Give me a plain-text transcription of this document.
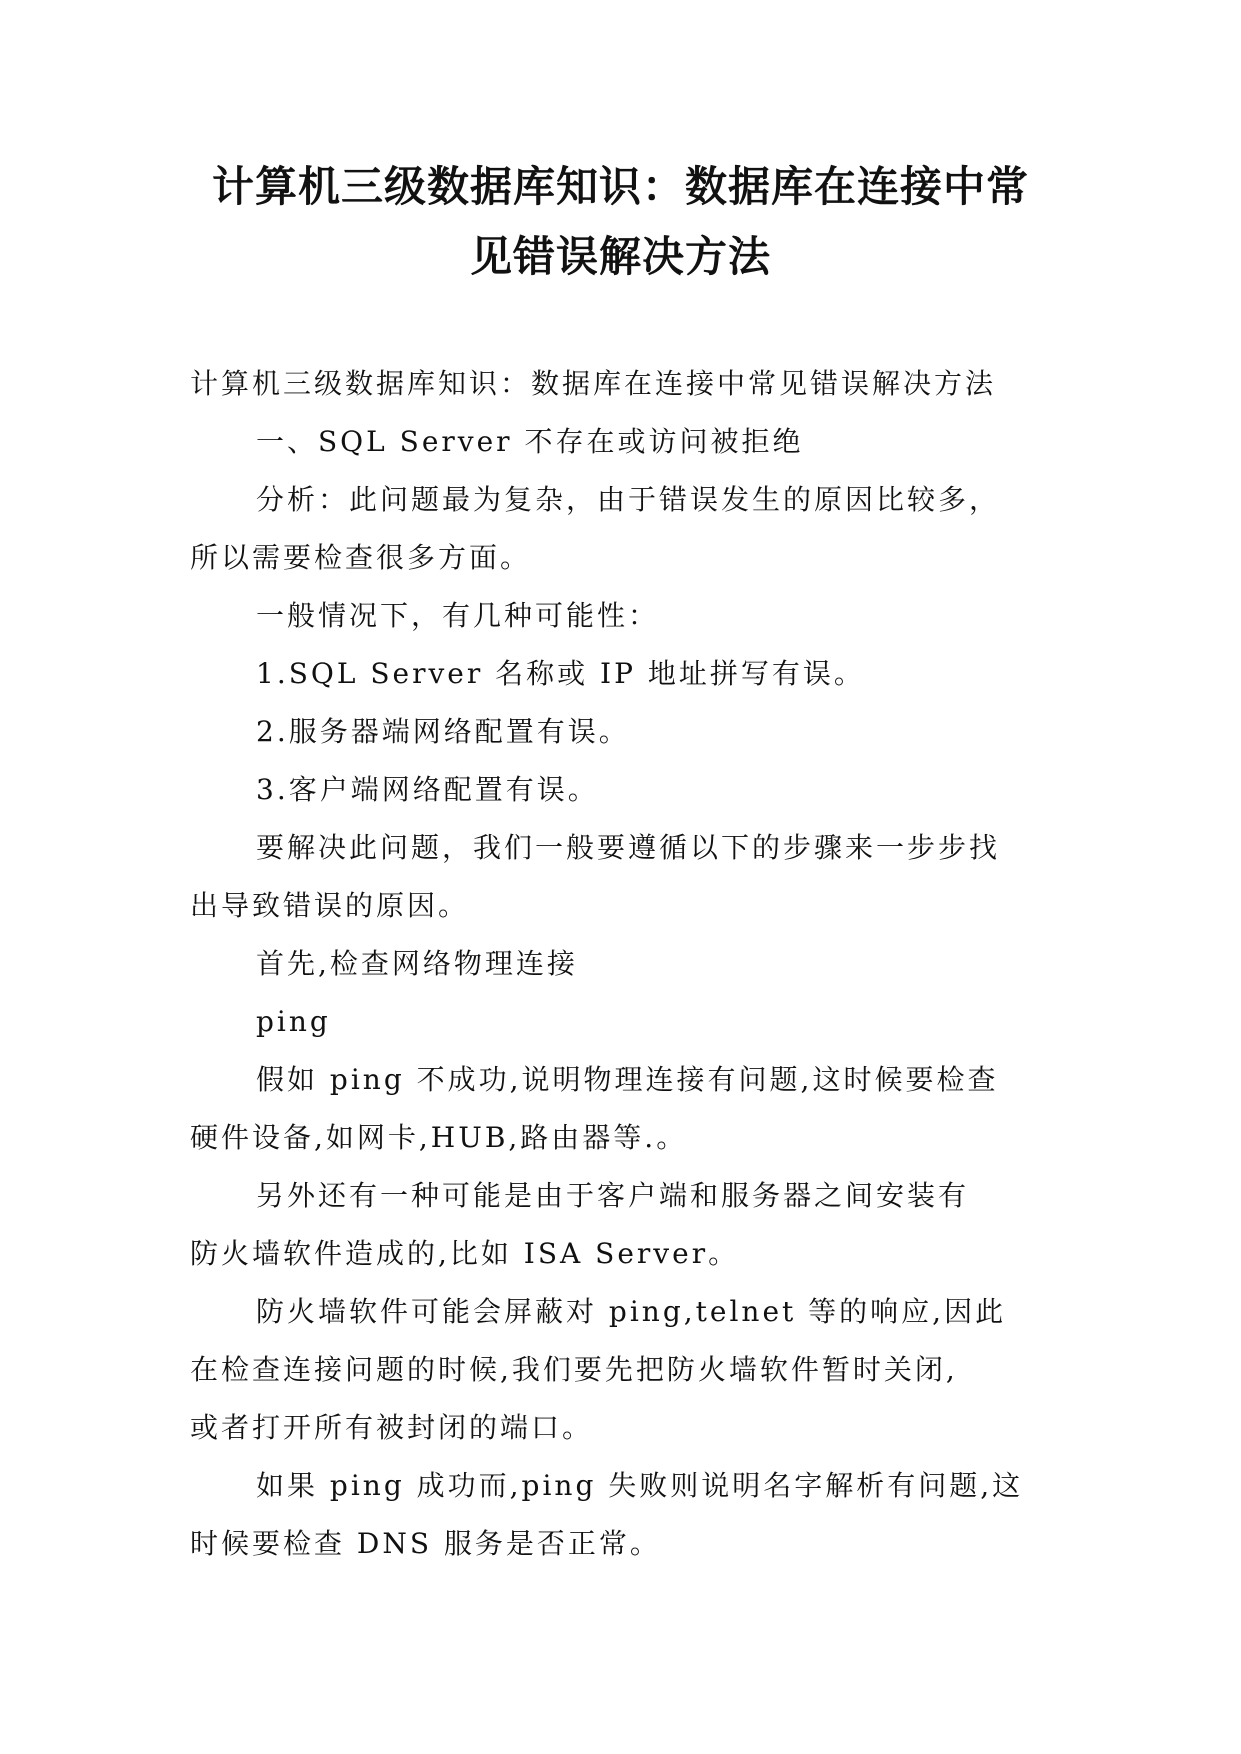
计算机三级数据库知识：数据库在连接中常
见错误解决方法

计算机三级数据库知识：数据库在连接中常见错误解决方法

一、SQL Server 不存在或访问被拒绝

分析：此问题最为复杂，由于错误发生的原因比较多，

所以需要检查很多方面。

一般情况下，有几种可能性：

1.SQL Server 名称或 IP 地址拼写有误。

2.服务器端网络配置有误。

3.客户端网络配置有误。

要解决此问题，我们一般要遵循以下的步骤来一步步找

出导致错误的原因。

首先,检查网络物理连接

ping

假如 ping 不成功,说明物理连接有问题,这时候要检查

硬件设备,如网卡,HUB,路由器等.。

另外还有一种可能是由于客户端和服务器之间安装有

防火墙软件造成的,比如 ISA Server。

防火墙软件可能会屏蔽对 ping,telnet 等的响应,因此

在检查连接问题的时候,我们要先把防火墙软件暂时关闭,

或者打开所有被封闭的端口。

如果 ping 成功而,ping 失败则说明名字解析有问题,这

时候要检查 DNS 服务是否正常。
